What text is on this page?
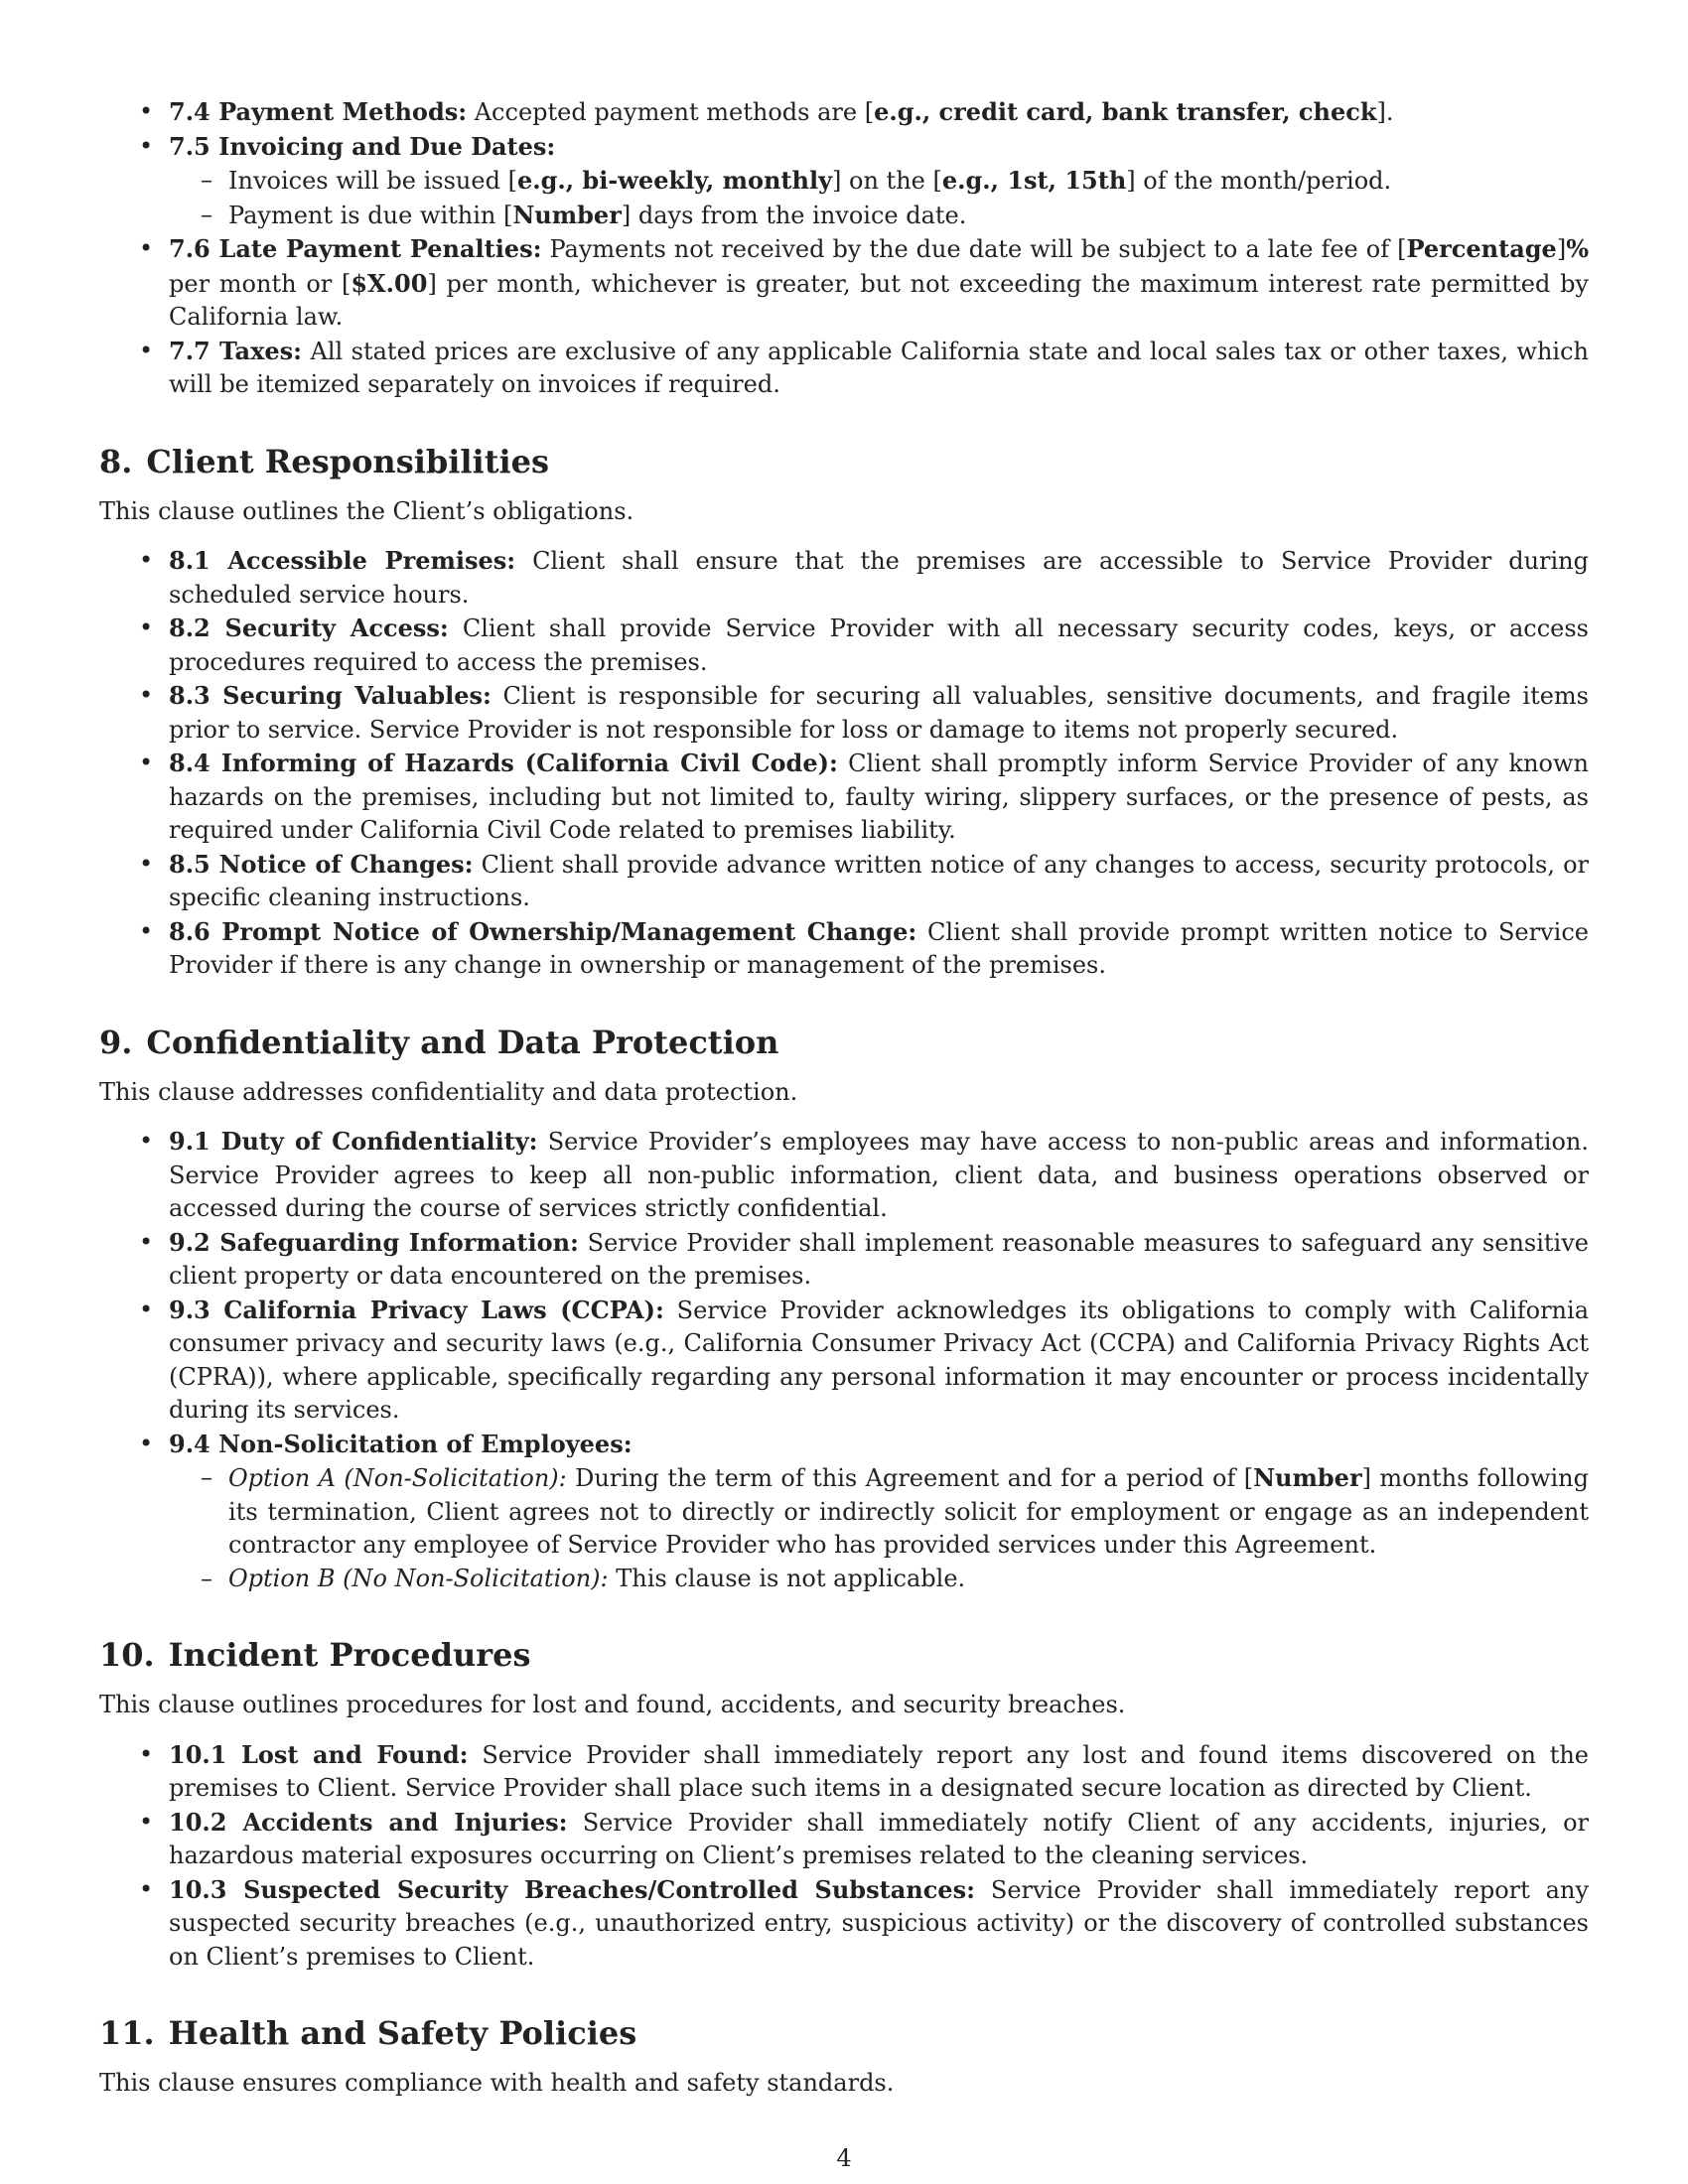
• 7.4 Payment Methods: Accepted payment methods are [e.g., credit card, bank transfer, check].
• 7.5 Invoicing and Due Dates:
– Invoices will be issued [e.g., bi-weekly, monthly] on the [e.g., 1st, 15th] of the month/period.
– Payment is due within [Number] days from the invoice date.
• 7.6 Late Payment Penalties: Payments not received by the due date will be subject to a late fee of [Percentage]% per month or [$X.00] per month, whichever is greater, but not exceeding the maximum interest rate permitted by California law.
• 7.7 Taxes: All stated prices are exclusive of any applicable California state and local sales tax or other taxes, which will be itemized separately on invoices if required.
8. Client Responsibilities

This clause outlines the Client’s obligations.

• 8.1 Accessible Premises: Client shall ensure that the premises are accessible to Service Provider during scheduled service hours.
• 8.2 Security Access: Client shall provide Service Provider with all necessary security codes, keys, or access procedures required to access the premises.
• 8.3 Securing Valuables: Client is responsible for securing all valuables, sensitive documents, and fragile items prior to service. Service Provider is not responsible for loss or damage to items not properly secured.
• 8.4 Informing of Hazards (California Civil Code): Client shall promptly inform Service Provider of any known hazards on the premises, including but not limited to, faulty wiring, slippery surfaces, or the presence of pests, as required under California Civil Code related to premises liability.
• 8.5 Notice of Changes: Client shall provide advance written notice of any changes to access, security protocols, or specific cleaning instructions.
• 8.6 Prompt Notice of Ownership/Management Change: Client shall provide prompt written notice to Service Provider if there is any change in ownership or management of the premises.
9. Confidentiality and Data Protection

This clause addresses confidentiality and data protection.

• 9.1 Duty of Confidentiality: Service Provider’s employees may have access to non-public areas and information. Service Provider agrees to keep all non-public information, client data, and business operations observed or accessed during the course of services strictly confidential.
• 9.2 Safeguarding Information: Service Provider shall implement reasonable measures to safeguard any sensitive client property or data encountered on the premises.
• 9.3 California Privacy Laws (CCPA): Service Provider acknowledges its obligations to comply with California consumer privacy and security laws (e.g., California Consumer Privacy Act (CCPA) and California Privacy Rights Act (CPRA)), where applicable, specifically regarding any personal information it may encounter or process incidentally during its services.
• 9.4 Non-Solicitation of Employees:
– Option A (Non-Solicitation): During the term of this Agreement and for a period of [Number] months following its termination, Client agrees not to directly or indirectly solicit for employment or engage as an independent contractor any employee of Service Provider who has provided services under this Agreement.
– Option B (No Non-Solicitation): This clause is not applicable.
10. Incident Procedures

This clause outlines procedures for lost and found, accidents, and security breaches.

• 10.1 Lost and Found: Service Provider shall immediately report any lost and found items discovered on the premises to Client. Service Provider shall place such items in a designated secure location as directed by Client.
• 10.2 Accidents and Injuries: Service Provider shall immediately notify Client of any accidents, injuries, or hazardous material exposures occurring on Client’s premises related to the cleaning services.
• 10.3 Suspected Security Breaches/Controlled Substances: Service Provider shall immediately report any suspected security breaches (e.g., unauthorized entry, suspicious activity) or the discovery of controlled substances on Client’s premises to Client.
11. Health and Safety Policies

This clause ensures compliance with health and safety standards.

4
